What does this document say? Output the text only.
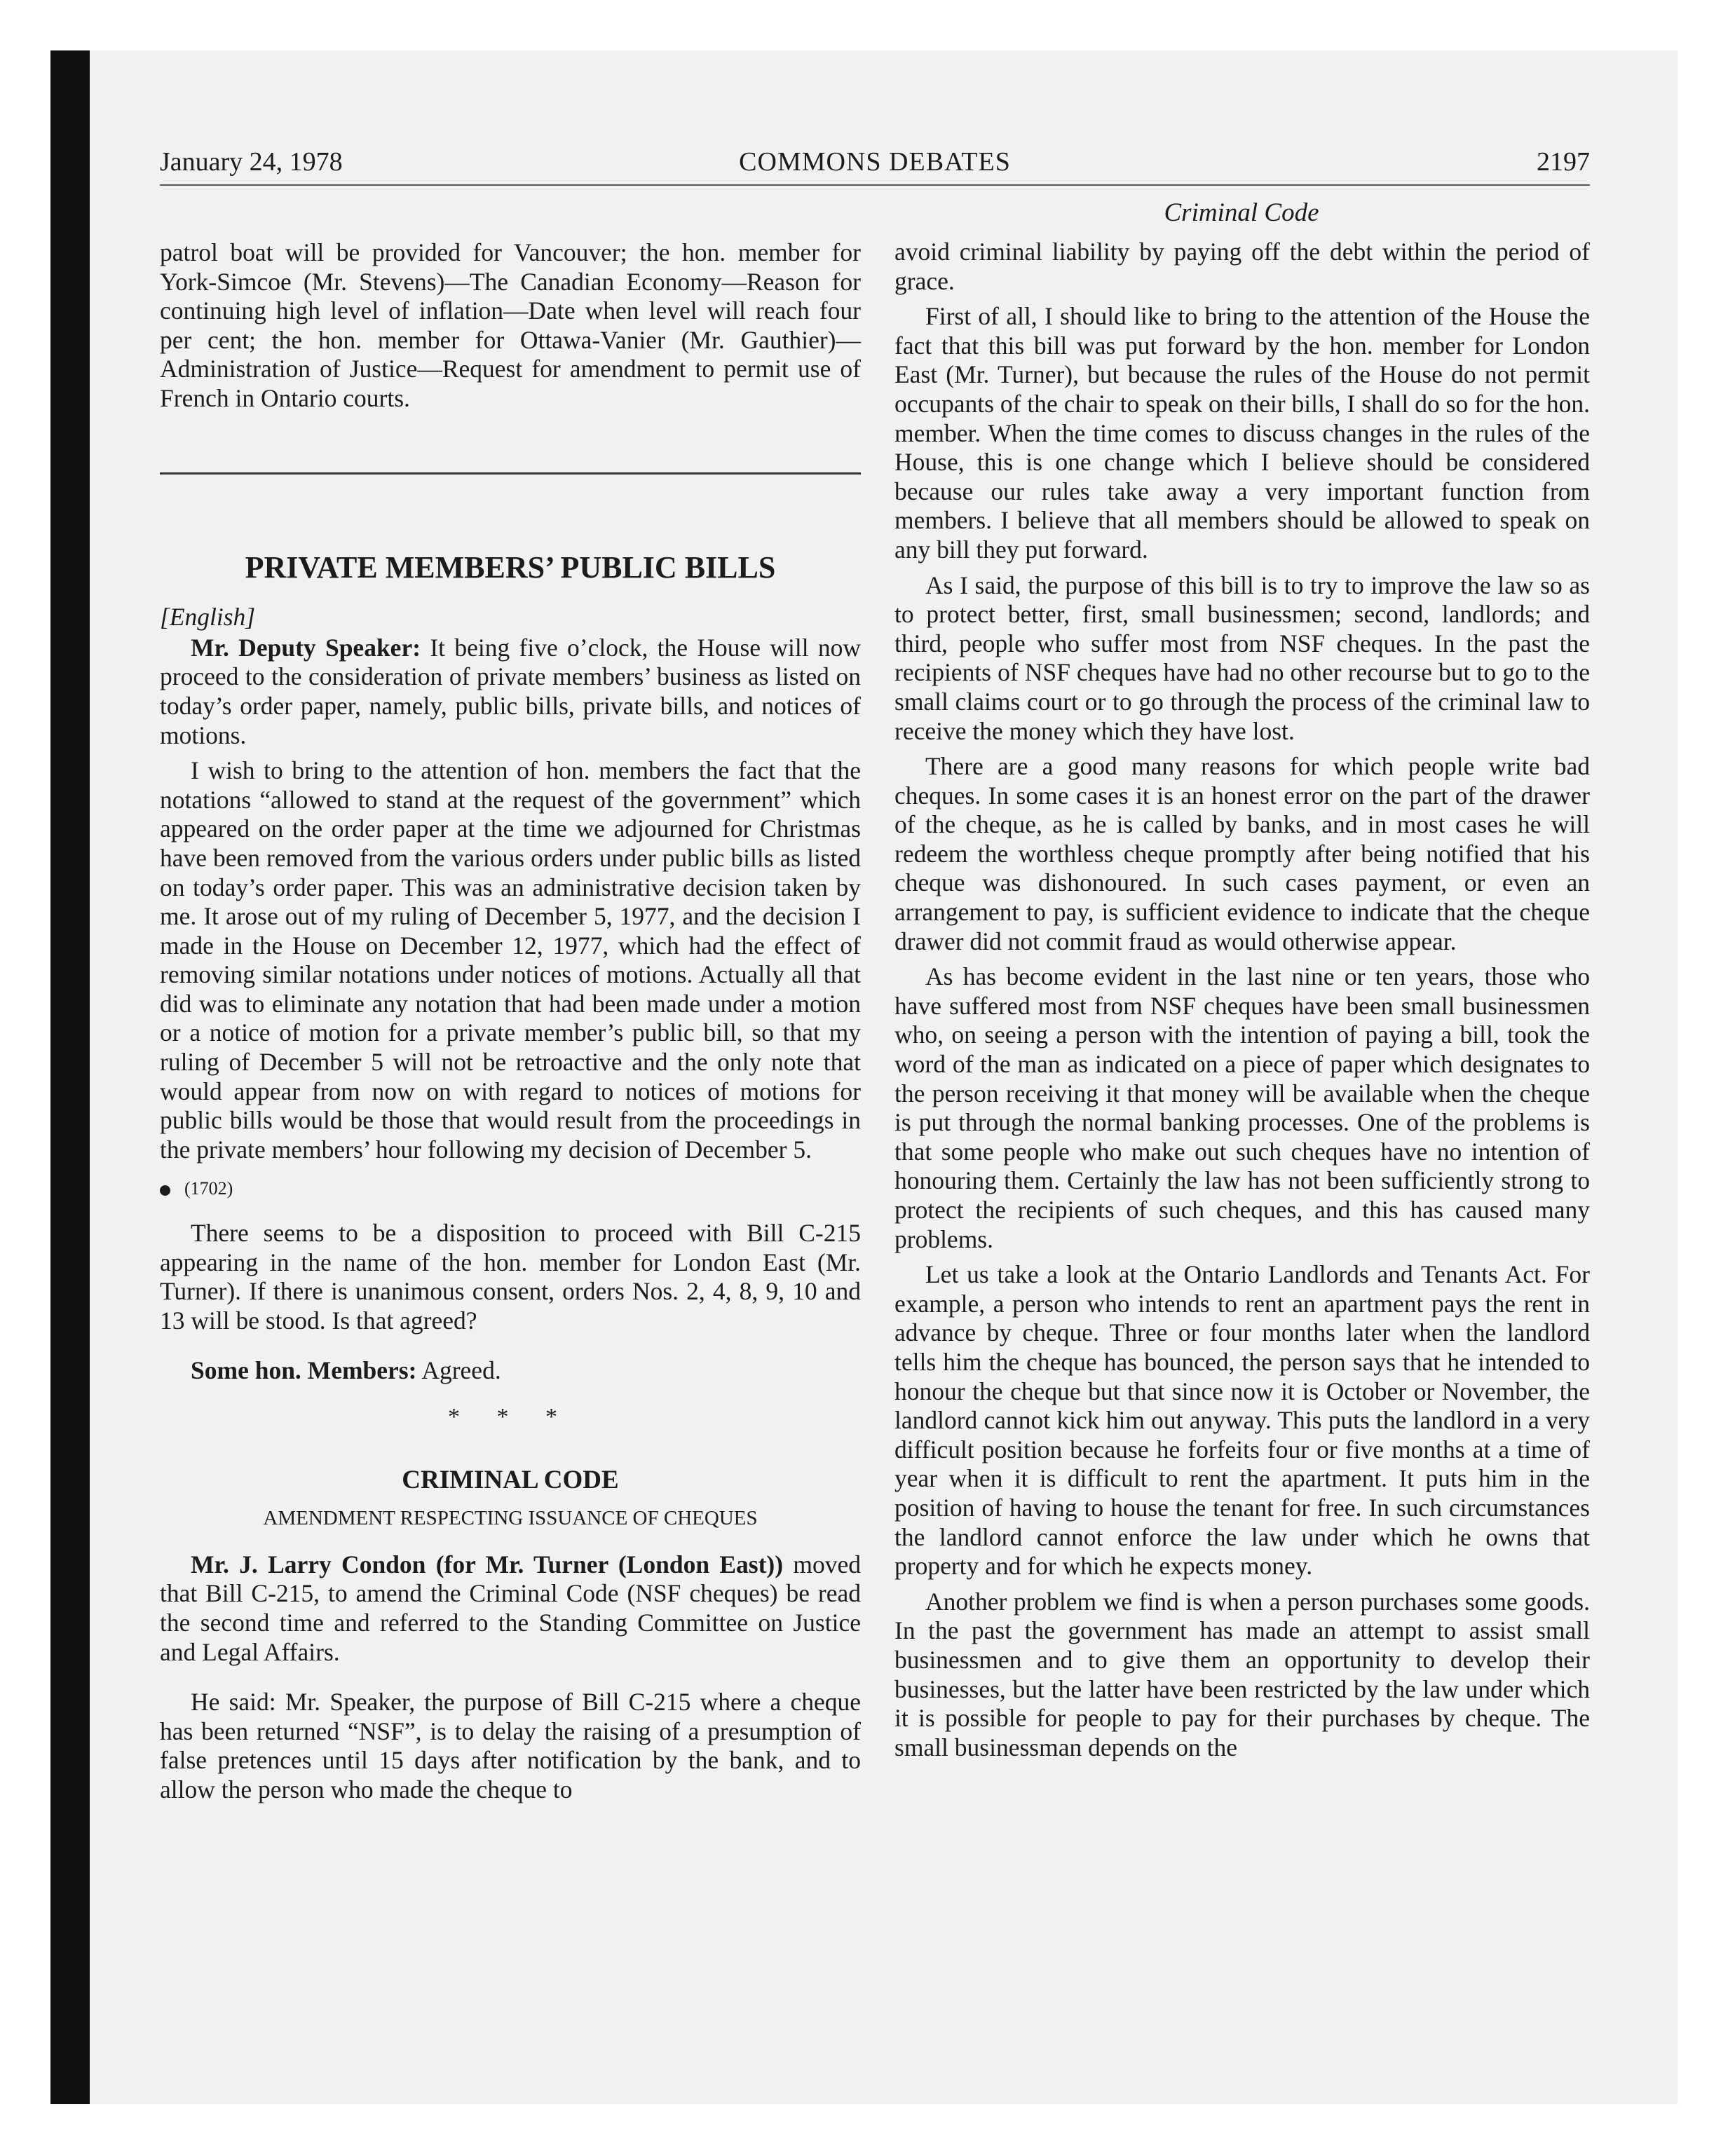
January 24, 1978	COMMONS DEBATES	2197
Criminal Code

patrol boat will be provided for Vancouver; the hon. member for York-Simcoe (Mr. Stevens)—The Canadian Economy—Reason for continuing high level of inflation—Date when level will reach four per cent; the hon. member for Ottawa-Vanier (Mr. Gauthier)—Administration of Justice—Request for amendment to permit use of French in Ontario courts.

PRIVATE MEMBERS’ PUBLIC BILLS
[English]

Mr. Deputy Speaker: It being five o’clock, the House will now proceed to the consideration of private members’ business as listed on today’s order paper, namely, public bills, private bills, and notices of motions.

I wish to bring to the attention of hon. members the fact that the notations “allowed to stand at the request of the government” which appeared on the order paper at the time we adjourned for Christmas have been removed from the various orders under public bills as listed on today’s order paper. This was an administrative decision taken by me. It arose out of my ruling of December 5, 1977, and the decision I made in the House on December 12, 1977, which had the effect of removing similar notations under notices of motions. Actually all that did was to eliminate any notation that had been made under a motion or a notice of motion for a private member’s public bill, so that my ruling of December 5 will not be retroactive and the only note that would appear from now on with regard to notices of motions for public bills would be those that would result from the proceedings in the private members’ hour following my decision of December 5.

(1702)

There seems to be a disposition to proceed with Bill C-215 appearing in the name of the hon. member for London East (Mr. Turner). If there is unanimous consent, orders Nos. 2, 4, 8, 9, 10 and 13 will be stood. Is that agreed?

Some hon. Members: Agreed.

* * *
CRIMINAL CODE
AMENDMENT RESPECTING ISSUANCE OF CHEQUES

Mr. J. Larry Condon (for Mr. Turner (London East)) moved that Bill C-215, to amend the Criminal Code (NSF cheques) be read the second time and referred to the Standing Committee on Justice and Legal Affairs.

He said: Mr. Speaker, the purpose of Bill C-215 where a cheque has been returned “NSF”, is to delay the raising of a presumption of false pretences until 15 days after notification by the bank, and to allow the person who made the cheque to

avoid criminal liability by paying off the debt within the period of grace.

First of all, I should like to bring to the attention of the House the fact that this bill was put forward by the hon. member for London East (Mr. Turner), but because the rules of the House do not permit occupants of the chair to speak on their bills, I shall do so for the hon. member. When the time comes to discuss changes in the rules of the House, this is one change which I believe should be considered because our rules take away a very important function from members. I believe that all members should be allowed to speak on any bill they put forward.

As I said, the purpose of this bill is to try to improve the law so as to protect better, first, small businessmen; second, landlords; and third, people who suffer most from NSF cheques. In the past the recipients of NSF cheques have had no other recourse but to go to the small claims court or to go through the process of the criminal law to receive the money which they have lost.

There are a good many reasons for which people write bad cheques. In some cases it is an honest error on the part of the drawer of the cheque, as he is called by banks, and in most cases he will redeem the worthless cheque promptly after being notified that his cheque was dishonoured. In such cases payment, or even an arrangement to pay, is sufficient evidence to indicate that the cheque drawer did not commit fraud as would otherwise appear.

As has become evident in the last nine or ten years, those who have suffered most from NSF cheques have been small businessmen who, on seeing a person with the intention of paying a bill, took the word of the man as indicated on a piece of paper which designates to the person receiving it that money will be available when the cheque is put through the normal banking processes. One of the problems is that some people who make out such cheques have no intention of honouring them. Certainly the law has not been sufficiently strong to protect the recipients of such cheques, and this has caused many problems.

Let us take a look at the Ontario Landlords and Tenants Act. For example, a person who intends to rent an apartment pays the rent in advance by cheque. Three or four months later when the landlord tells him the cheque has bounced, the person says that he intended to honour the cheque but that since now it is October or November, the landlord cannot kick him out anyway. This puts the landlord in a very difficult position because he forfeits four or five months at a time of year when it is difficult to rent the apartment. It puts him in the position of having to house the tenant for free. In such circumstances the landlord cannot enforce the law under which he owns that property and for which he expects money.

Another problem we find is when a person purchases some goods. In the past the government has made an attempt to assist small businessmen and to give them an opportunity to develop their businesses, but the latter have been restricted by the law under which it is possible for people to pay for their purchases by cheque. The small businessman depends on the
